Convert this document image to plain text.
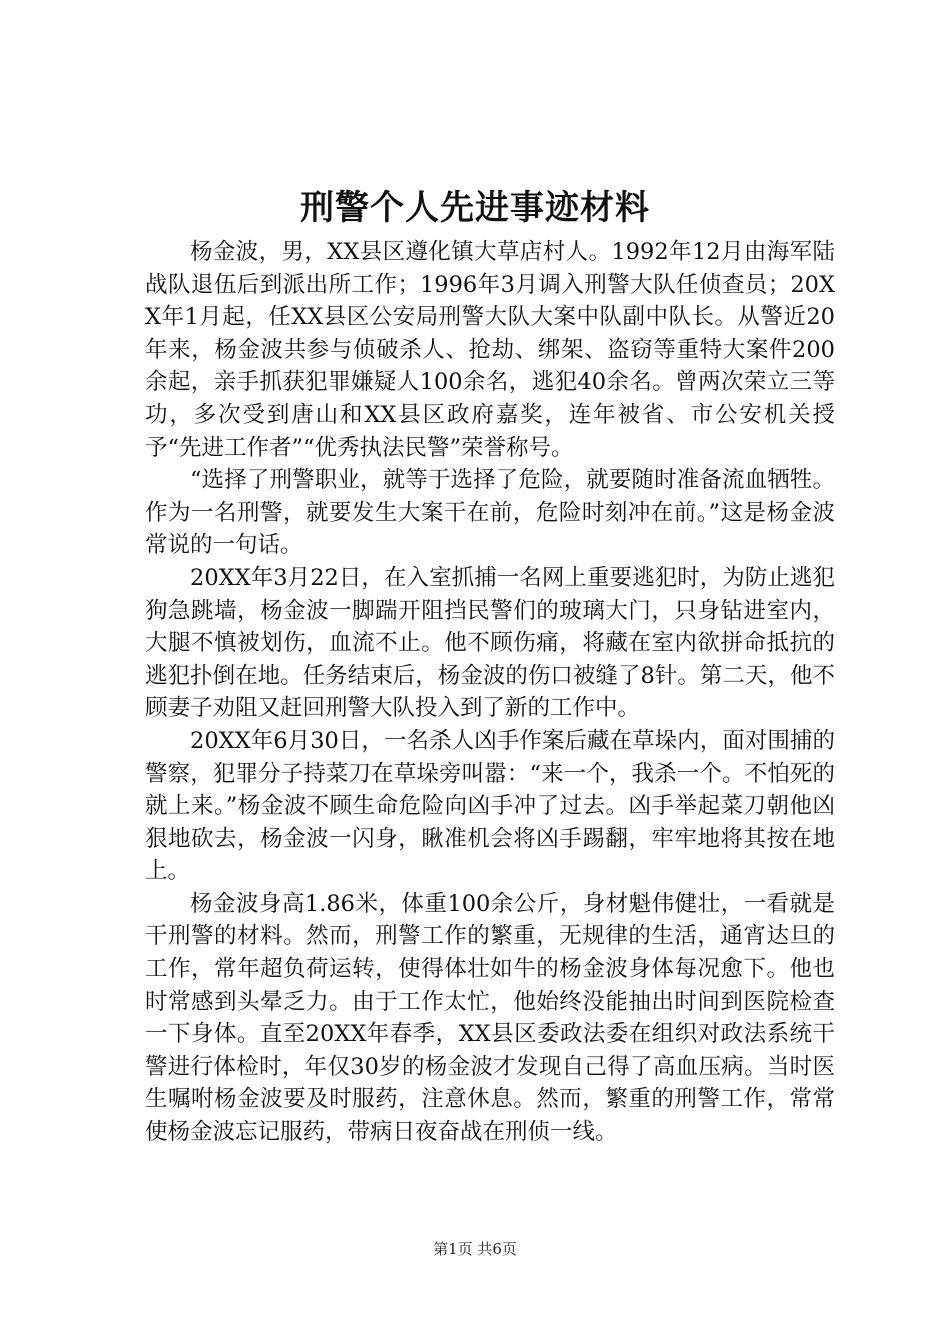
刑警个人先进事迹材料

杨金波，男，XX县区遵化镇大草店村人。1992年12月由海军陆战队退伍后到派出所工作；1996年3月调入刑警大队任侦查员；20XX年1月起，任XX县区公安局刑警大队大案中队副中队长。从警近20年来，杨金波共参与侦破杀人、抢劫、绑架、盗窃等重特大案件200余起，亲手抓获犯罪嫌疑人100余名，逃犯40余名。曾两次荣立三等功，多次受到唐山和XX县区政府嘉奖，连年被省、市公安机关授予“先进工作者”“优秀执法民警”荣誉称号。

“选择了刑警职业，就等于选择了危险，就要随时准备流血牺牲。作为一名刑警，就要发生大案干在前，危险时刻冲在前。”这是杨金波常说的一句话。

20XX年3月22日，在入室抓捕一名网上重要逃犯时，为防止逃犯狗急跳墙，杨金波一脚踹开阻挡民警们的玻璃大门，只身钻进室内，大腿不慎被划伤，血流不止。他不顾伤痛，将藏在室内欲拼命抵抗的逃犯扑倒在地。任务结束后，杨金波的伤口被缝了8针。第二天，他不顾妻子劝阻又赶回刑警大队投入到了新的工作中。

20XX年6月30日，一名杀人凶手作案后藏在草垛内，面对围捕的警察，犯罪分子持菜刀在草垛旁叫嚣：“来一个，我杀一个。不怕死的就上来。”杨金波不顾生命危险向凶手冲了过去。凶手举起菜刀朝他凶狠地砍去，杨金波一闪身，瞅准机会将凶手踢翻，牢牢地将其按在地上。

杨金波身高1.86米，体重100余公斤，身材魁伟健壮，一看就是干刑警的材料。然而，刑警工作的繁重，无规律的生活，通宵达旦的工作，常年超负荷运转，使得体壮如牛的杨金波身体每况愈下。他也时常感到头晕乏力。由于工作太忙，他始终没能抽出时间到医院检查一下身体。直至20XX年春季，XX县区委政法委在组织对政法系统干警进行体检时，年仅30岁的杨金波才发现自己得了高血压病。当时医生嘱咐杨金波要及时服药，注意休息。然而，繁重的刑警工作，常常使杨金波忘记服药，带病日夜奋战在刑侦一线。

第1页 共6页
